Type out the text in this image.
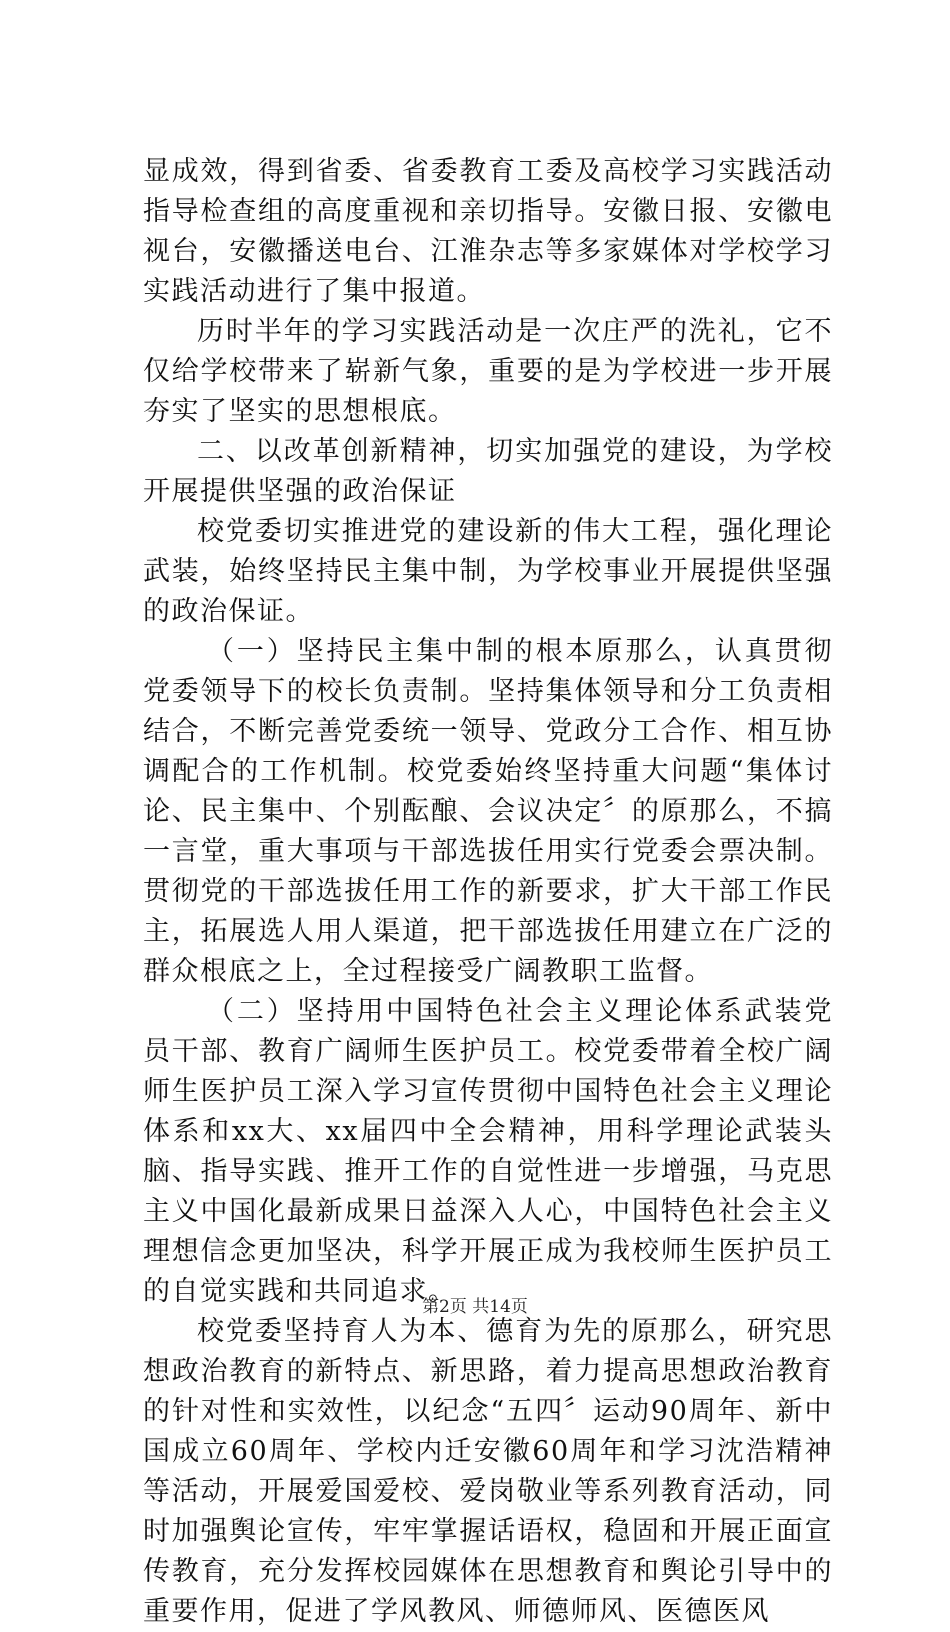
显成效，得到省委、省委教育工委及高校学习实践活动指导检查组的高度重视和亲切指导。安徽日报、安徽电视台，安徽播送电台、江淮杂志等多家媒体对学校学习实践活动进行了集中报道。

历时半年的学习实践活动是一次庄严的洗礼，它不仅给学校带来了崭新气象，重要的是为学校进一步开展夯实了坚实的思想根底。

二、以改革创新精神，切实加强党的建设，为学校开展提供坚强的政治保证

校党委切实推进党的建设新的伟大工程，强化理论武装，始终坚持民主集中制，为学校事业开展提供坚强的政治保证。

（一）坚持民主集中制的根本原那么，认真贯彻党委领导下的校长负责制。坚持集体领导和分工负责相结合，不断完善党委统一领导、党政分工合作、相互协调配合的工作机制。校党委始终坚持重大问题“集体讨论、民主集中、个别酝酿、会议决定〞的原那么，不搞一言堂，重大事项与干部选拔任用实行党委会票决制。贯彻党的干部选拔任用工作的新要求，扩大干部工作民主，拓展选人用人渠道，把干部选拔任用建立在广泛的群众根底之上，全过程接受广阔教职工监督。

（二）坚持用中国特色社会主义理论体系武装党员干部、教育广阔师生医护员工。校党委带着全校广阔师生医护员工深入学习宣传贯彻中国特色社会主义理论体系和xx大、xx届四中全会精神，用科学理论武装头脑、指导实践、推开工作的自觉性进一步增强，马克思主义中国化最新成果日益深入人心，中国特色社会主义理想信念更加坚决，科学开展正成为我校师生医护员工的自觉实践和共同追求。

校党委坚持育人为本、德育为先的原那么，研究思想政治教育的新特点、新思路，着力提高思想政治教育的针对性和实效性，以纪念“五四〞运动90周年、新中国成立60周年、学校内迁安徽60周年和学习沈浩精神等活动，开展爱国爱校、爱岗敬业等系列教育活动，同时加强舆论宣传，牢牢掌握话语权，稳固和开展正面宣传教育，充分发挥校园媒体在思想教育和舆论引导中的重要作用，促进了学风教风、师德师风、医德医风

第2页 共14页
